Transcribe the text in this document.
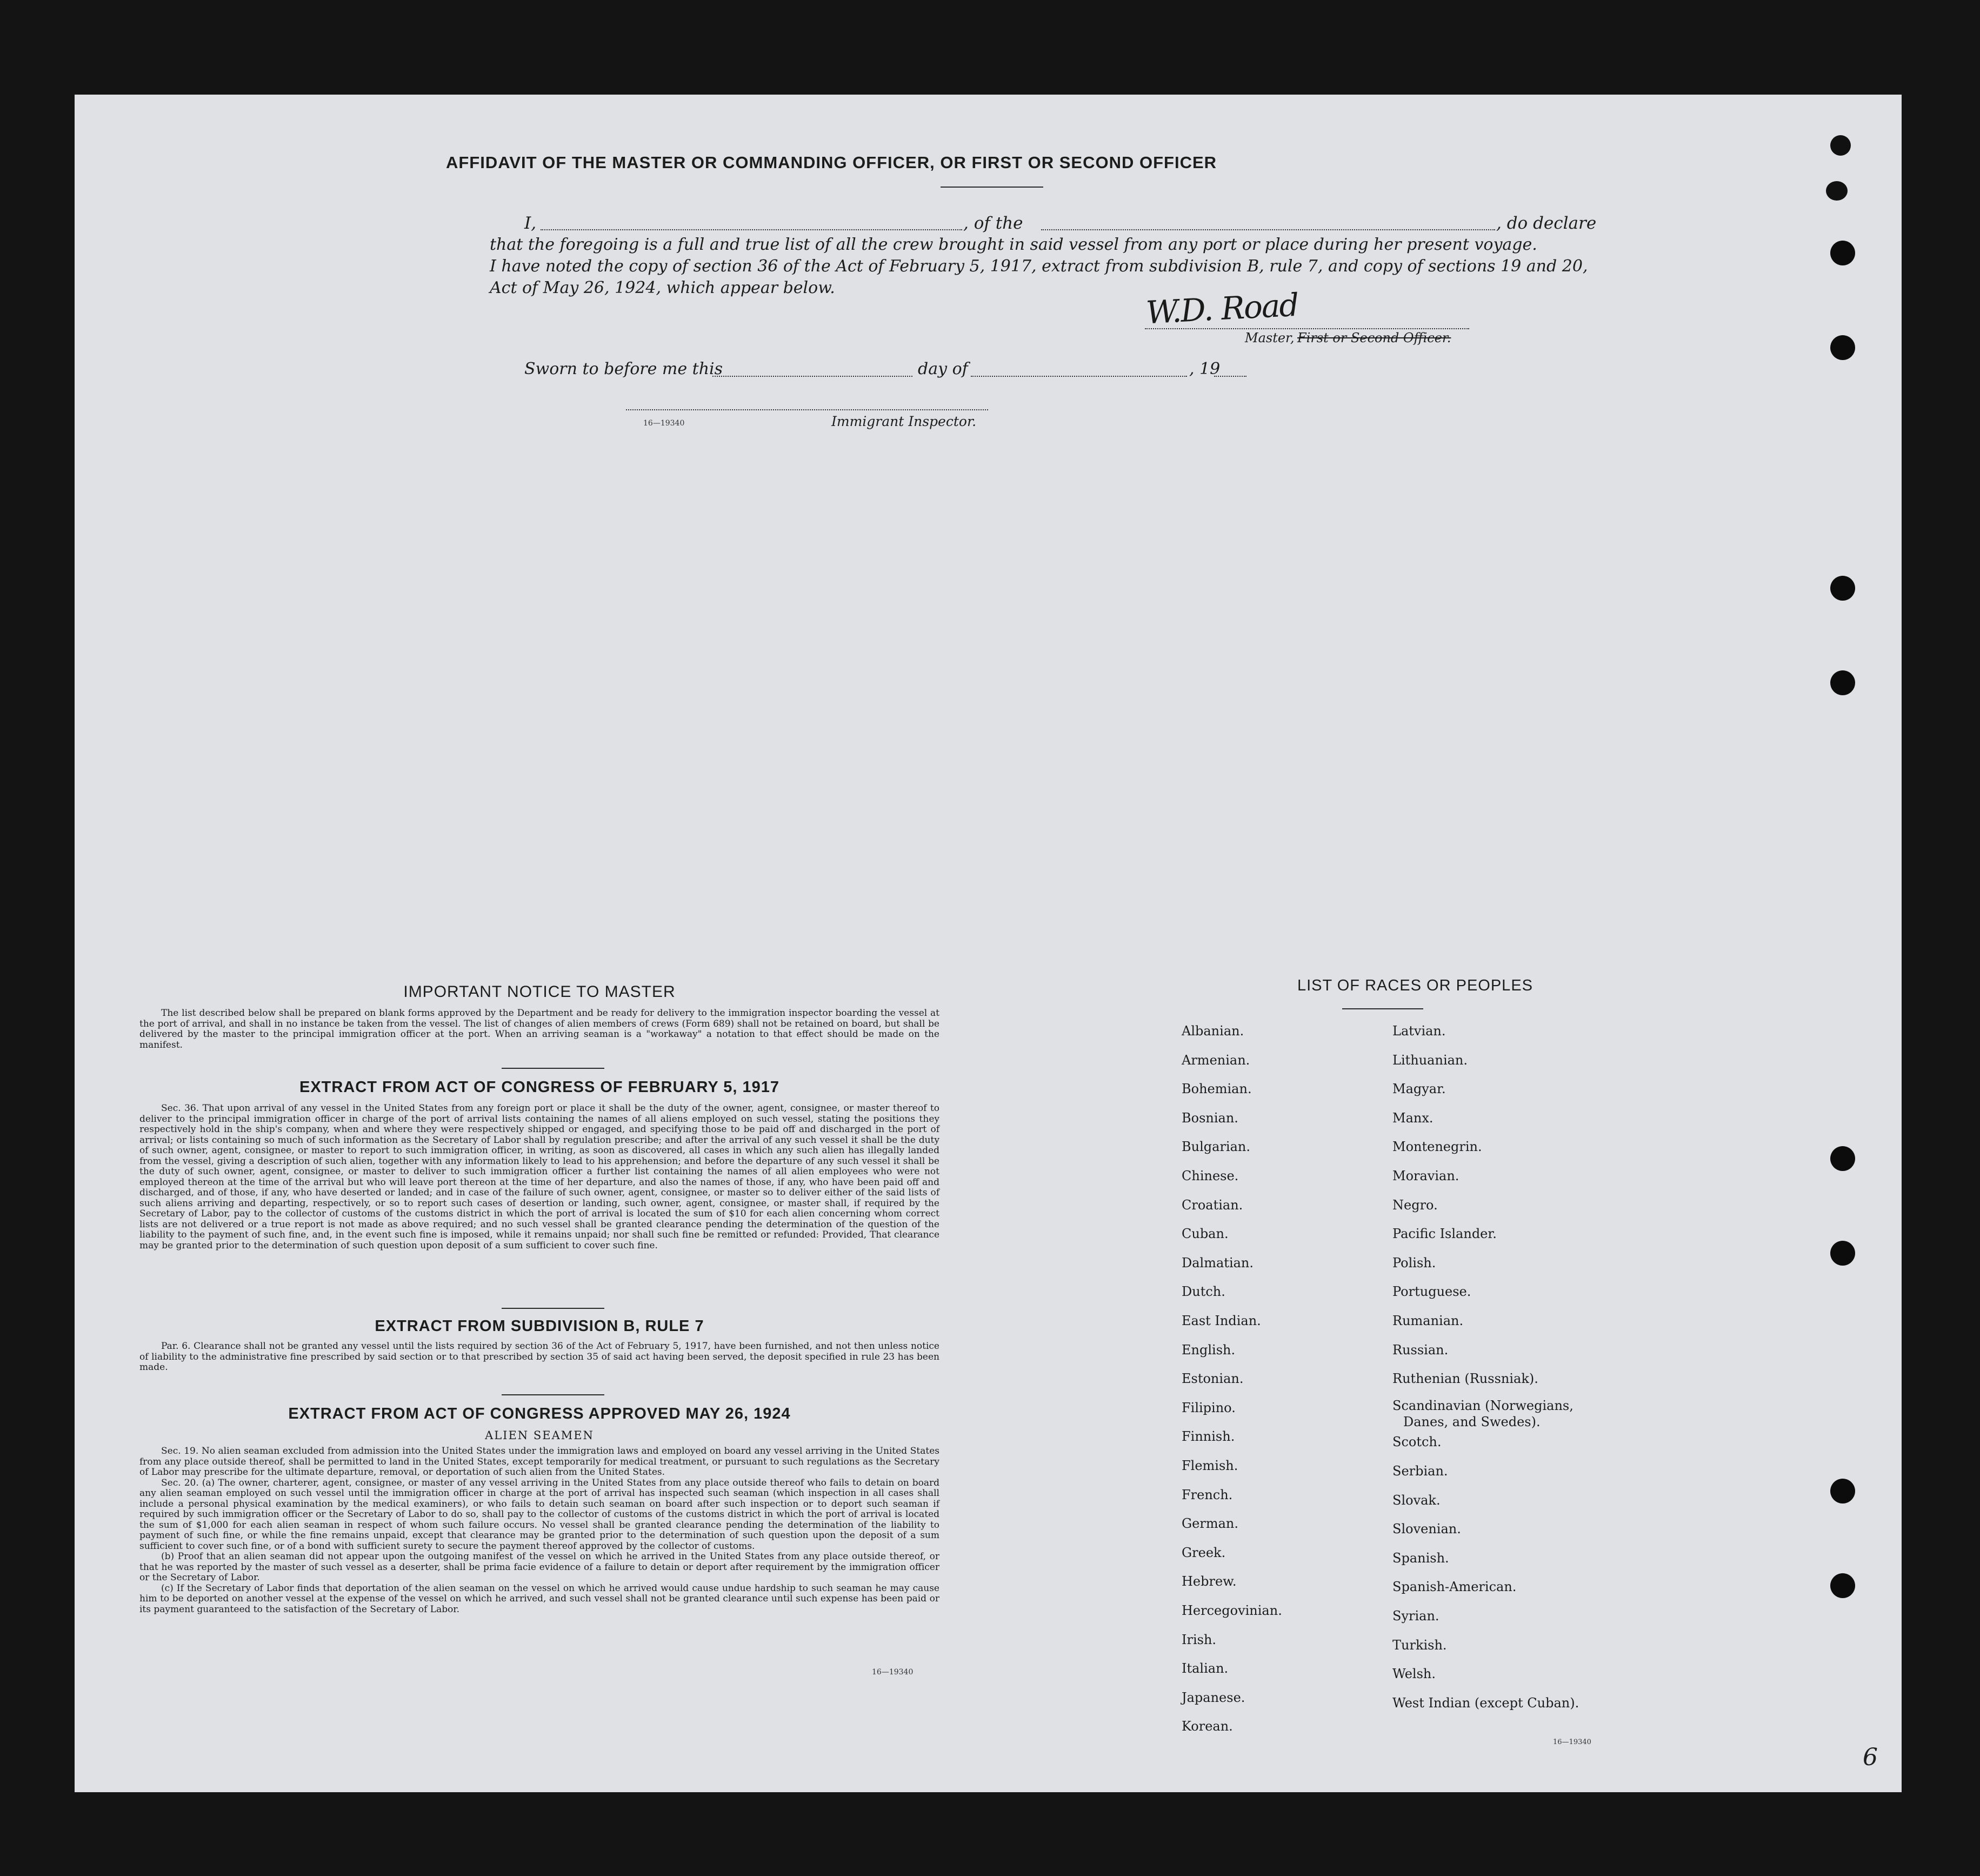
AFFIDAVIT OF THE MASTER OR COMMANDING OFFICER, OR FIRST OR SECOND OFFICER
I,	, of the	, do declare
that the foregoing is a full and true list of all the crew brought in said vessel from any port or place during her present voyage.
I have noted the copy of section 36 of the Act of February 5, 1917, extract from subdivision B, rule 7, and copy of sections 19 and 20,
Act of May 26, 1924, which appear below.	W.D. Road
Master, First or Second Officer.
Sworn to before me this	day of	, 19
16—19340	Immigrant Inspector.
IMPORTANT NOTICE TO MASTER
The list described below shall be prepared on blank forms approved by the Department and be ready for delivery to the immigration inspector boarding the vessel at the port of arrival, and shall in no instance be taken from the vessel. The list of changes of alien members of crews (Form 689) shall not be retained on board, but shall be delivered by the master to the principal immigration officer at the port. When an arriving seaman is a "workaway" a notation to that effect should be made on the manifest.
EXTRACT FROM ACT OF CONGRESS OF FEBRUARY 5, 1917
Sec. 36. That upon arrival of any vessel in the United States from any foreign port or place it shall be the duty of the owner, agent, consignee, or master thereof to deliver to the principal immigration officer in charge of the port of arrival lists containing the names of all aliens employed on such vessel, stating the positions they respectively hold in the ship's company, when and where they were respectively shipped or engaged, and specifying those to be paid off and discharged in the port of arrival; or lists containing so much of such information as the Secretary of Labor shall by regulation prescribe; and after the arrival of any such vessel it shall be the duty of such owner, agent, consignee, or master to report to such immigration officer, in writing, as soon as discovered, all cases in which any such alien has illegally landed from the vessel, giving a description of such alien, together with any information likely to lead to his apprehension; and before the departure of any such vessel it shall be the duty of such owner, agent, consignee, or master to deliver to such immigration officer a further list containing the names of all alien employees who were not employed thereon at the time of the arrival but who will leave port thereon at the time of her departure, and also the names of those, if any, who have been paid off and discharged, and of those, if any, who have deserted or landed; and in case of the failure of such owner, agent, consignee, or master so to deliver either of the said lists of such aliens arriving and departing, respectively, or so to report such cases of desertion or landing, such owner, agent, consignee, or master shall, if required by the Secretary of Labor, pay to the collector of customs of the customs district in which the port of arrival is located the sum of $10 for each alien concerning whom correct lists are not delivered or a true report is not made as above required; and no such vessel shall be granted clearance pending the determination of the question of the liability to the payment of such fine, and, in the event such fine is imposed, while it remains unpaid; nor shall such fine be remitted or refunded: Provided, That clearance may be granted prior to the determination of such question upon deposit of a sum sufficient to cover such fine.
EXTRACT FROM SUBDIVISION B, RULE 7
Par. 6. Clearance shall not be granted any vessel until the lists required by section 36 of the Act of February 5, 1917, have been furnished, and not then unless notice of liability to the administrative fine prescribed by said section or to that prescribed by section 35 of said act having been served, the deposit specified in rule 23 has been made.
EXTRACT FROM ACT OF CONGRESS APPROVED MAY 26, 1924
ALIEN SEAMEN

Sec. 19. No alien seaman excluded from admission into the United States under the immigration laws and employed on board any vessel arriving in the United States from any place outside thereof, shall be permitted to land in the United States, except temporarily for medical treatment, or pursuant to such regulations as the Secretary of Labor may prescribe for the ultimate departure, removal, or deportation of such alien from the United States.

Sec. 20. (a) The owner, charterer, agent, consignee, or master of any vessel arriving in the United States from any place outside thereof who fails to detain on board any alien seaman employed on such vessel until the immigration officer in charge at the port of arrival has inspected such seaman (which inspection in all cases shall include a personal physical examination by the medical examiners), or who fails to detain such seaman on board after such inspection or to deport such seaman if required by such immigration officer or the Secretary of Labor to do so, shall pay to the collector of customs of the customs district in which the port of arrival is located the sum of $1,000 for each alien seaman in respect of whom such failure occurs. No vessel shall be granted clearance pending the determination of the liability to payment of such fine, or while the fine remains unpaid, except that clearance may be granted prior to the determination of such question upon the deposit of a sum sufficient to cover such fine, or of a bond with sufficient surety to secure the payment thereof approved by the collector of customs.

(b) Proof that an alien seaman did not appear upon the outgoing manifest of the vessel on which he arrived in the United States from any place outside thereof, or that he was reported by the master of such vessel as a deserter, shall be prima facie evidence of a failure to detain or deport after requirement by the immigration officer or the Secretary of Labor.

(c) If the Secretary of Labor finds that deportation of the alien seaman on the vessel on which he arrived would cause undue hardship to such seaman he may cause him to be deported on another vessel at the expense of the vessel on which he arrived, and such vessel shall not be granted clearance until such expense has been paid or its payment guaranteed to the satisfaction of the Secretary of Labor.

16—19340
LIST OF RACES OR PEOPLES
16—19340
6
Albanian.
Armenian.
Bohemian.
Bosnian.
Bulgarian.
Chinese.
Croatian.
Cuban.
Dalmatian.
Dutch.
East Indian.
English.
Estonian.
Filipino.
Finnish.
Flemish.
French.
German.
Greek.
Hebrew.
Hercegovinian.
Irish.
Italian.
Japanese.
Korean.
Latvian.
Lithuanian.
Magyar.
Manx.
Montenegrin.
Moravian.
Negro.
Pacific Islander.
Polish.
Portuguese.
Rumanian.
Russian.
Ruthenian (Russniak).
Scandinavian (Norwegians,
Danes, and Swedes).
Scotch.
Serbian.
Slovak.
Slovenian.
Spanish.
Spanish-American.
Syrian.
Turkish.
Welsh.
West Indian (except Cuban).
